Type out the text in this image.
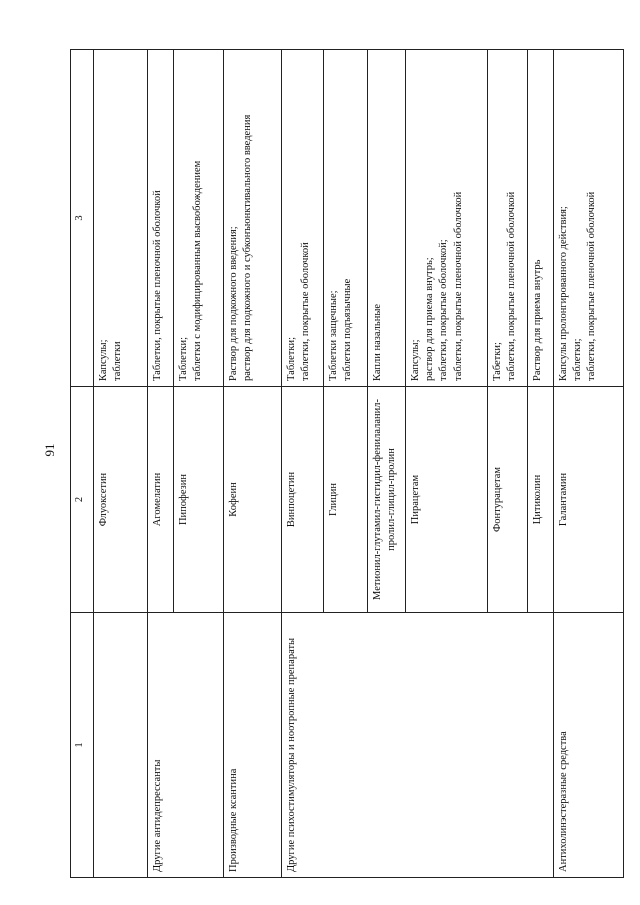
91
1	2	3
	Флуоксетин	Капсулы; таблетки

Другие антидепрессанты	Агомелатин	Таблетки, покрытые пленочной оболочкой

	Пипофезин	Таблетки; таблетки с модифицированным высвобождением

Производные ксантина	Кофеин	Раствор для подкожного введения; раствор для подкожного и субконъюнктивального введения

Другие психостимуляторы и ноотропные препараты	Винпоцетин	Таблетки; таблетки, покрытые оболочкой

	Глицин	Таблетки защечные; таблетки подъязычные

	Метионил-глутамил-гистидил-фенилаланил-пролил-глицил-пролин	Капли назальные

	Пирацетам	Капсулы; раствор для приема внутрь; таблетки, покрытые оболочкой; таблетки, покрытые пленочной оболочкой

	Фонтурацетам	Табетки; таблетки, покрытые пленочной оболочкой

	Цитиколин	Раствор для приема внутрь

Антихолинэстеразные средства	Галантамин	Капсулы пролонгированного действия; таблетки; таблетки, покрытые пленочной оболочкой
